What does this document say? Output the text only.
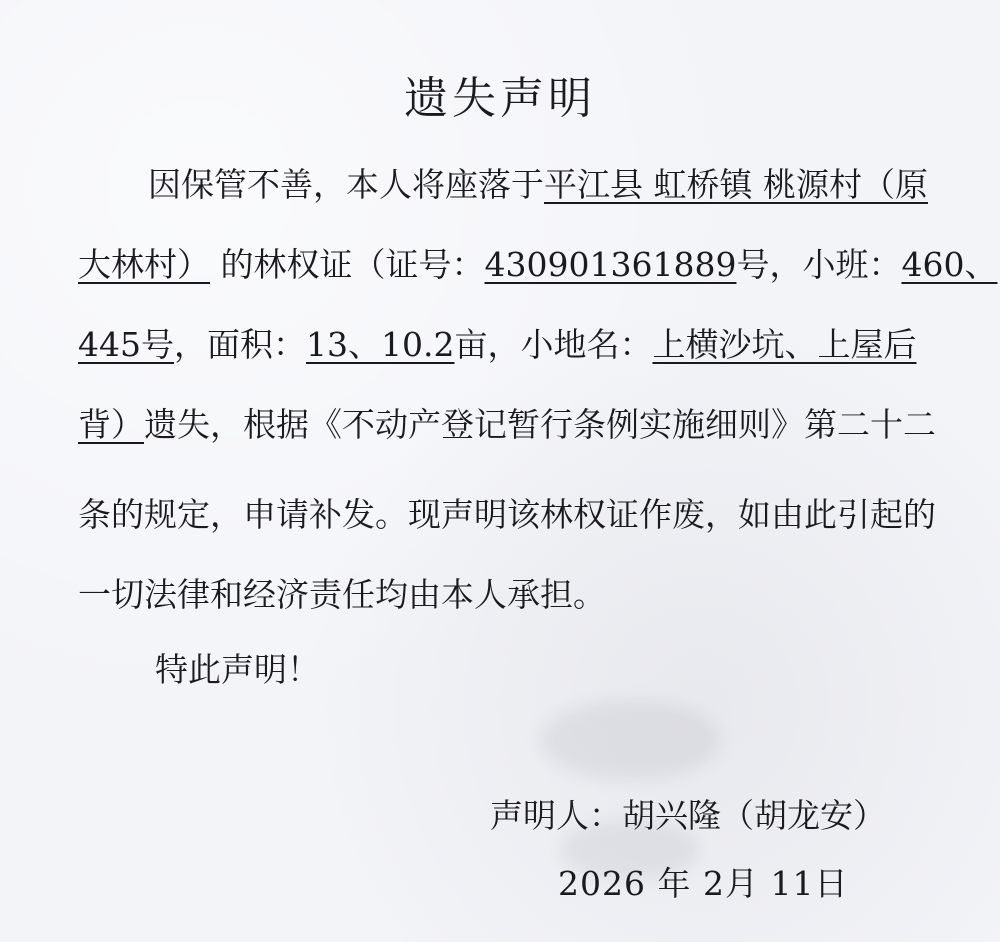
遗失声明
因保管不善，本人将座落于平江县 虹桥镇 桃源村（原
大林村） 的林权证（证号：430901361889号，小班：460、
445号，面积：13、10.2亩，小地名：上横沙坑、上屋后
背）遗失，根据《不动产登记暂行条例实施细则》第二十二
条的规定，申请补发。现声明该林权证作废，如由此引起的
一切法律和经济责任均由本人承担。
特此声明！
声明人：胡兴隆（胡龙安）
2026 年 2月 11日
